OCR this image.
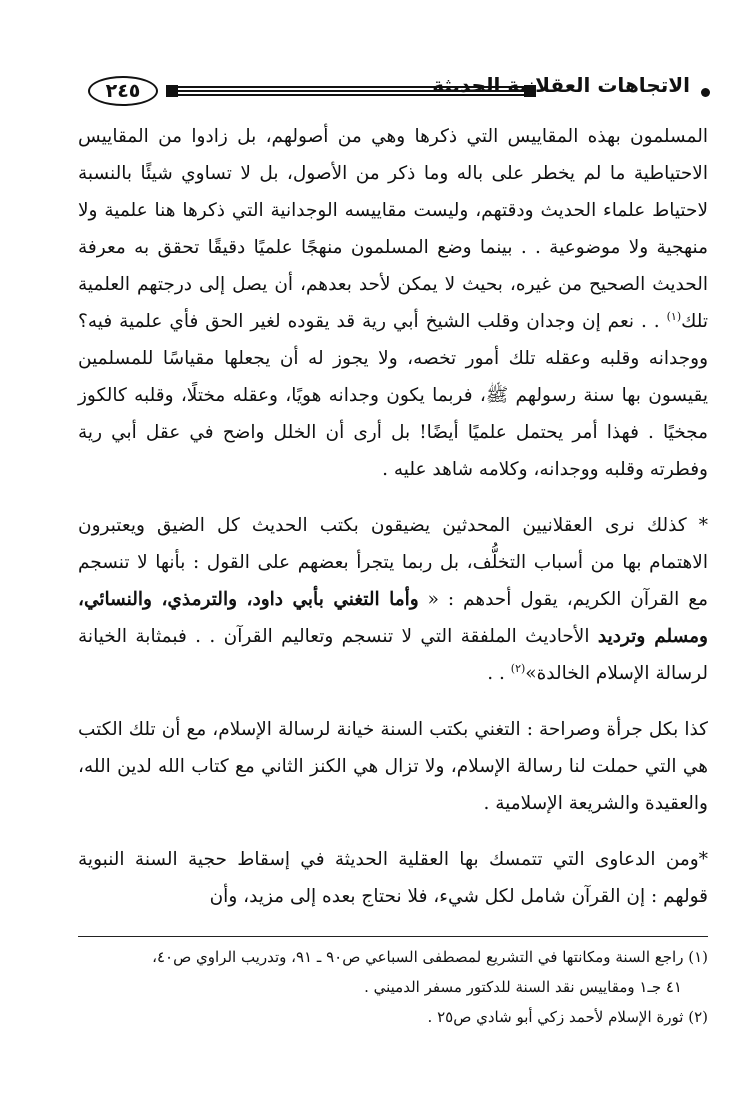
٢٤٥	الاتجاهات العقلانية الحديثة

المسلمون بهذه المقاييس التي ذكرها وهي من أصولهم، بل زادوا من المقاييس الاحتياطية ما لم يخطر على باله وما ذكر من الأصول، بل لا تساوي شيئًا بالنسبة لاحتياط علماء الحديث ودقتهم، وليست مقاييسه الوجدانية التي ذكرها هنا علمية ولا منهجية ولا موضوعية . . بينما وضع المسلمون منهجًا علميًا دقيقًا تحقق به معرفة الحديث الصحيح من غيره، بحيث لا يمكن لأحد بعدهم، أن يصل إلى درجتهم العلمية تلك$^{(١)}$ . . نعم إن وجدان وقلب الشيخ أبي رية قد يقوده لغير الحق فأي علمية فيه؟ ووجدانه وقلبه وعقله تلك أمور تخصه، ولا يجوز له أن يجعلها مقياسًا للمسلمين يقيسون بها سنة رسولهم ﷺ، فربما يكون وجدانه هويًا، وعقله مختلًا، وقلبه كالكوز مجخيًا . فهذا أمر يحتمل علميًا أيضًا! بل أرى أن الخلل واضح في عقل أبي رية وفطرته وقلبه ووجدانه، وكلامه شاهد عليه .

* كذلك نرى العقلانيين المحدثين يضيقون بكتب الحديث كل الضيق ويعتبرون الاهتمام بها من أسباب التخلُّف، بل ربما يتجرأ بعضهم على القول : بأنها لا تنسجم مع القرآن الكريم، يقول أحدهم : « وأما التغني بأبي داود، والترمذي، والنسائي، ومسلم وترديد الأحاديث الملفقة التي لا تنسجم وتعاليم القرآن . . فبمثابة الخيانة لرسالة الإسلام الخالدة»$^{(٢)}$ . .

كذا بكل جرأة وصراحة : التغني بكتب السنة خيانة لرسالة الإسلام، مع أن تلك الكتب هي التي حملت لنا رسالة الإسلام، ولا تزال هي الكنز الثاني مع كتاب الله لدين الله، والعقيدة والشريعة الإسلامية .

*ومن الدعاوى التي تتمسك بها العقلية الحديثة في إسقاط حجية السنة النبوية قولهم : إن القرآن شامل لكل شيء، فلا نحتاج بعده إلى مزيد، وأن

(١) راجع السنة ومكانتها في التشريع لمصطفى السباعي ص٩٠ ـ ٩١، وتدريب الراوي ص٤٠،
٤١ جـ١ ومقاييس نقد السنة للدكتور مسفر الدميني .
(٢) ثورة الإسلام لأحمد زكي أبو شادي ص٢٥ .
